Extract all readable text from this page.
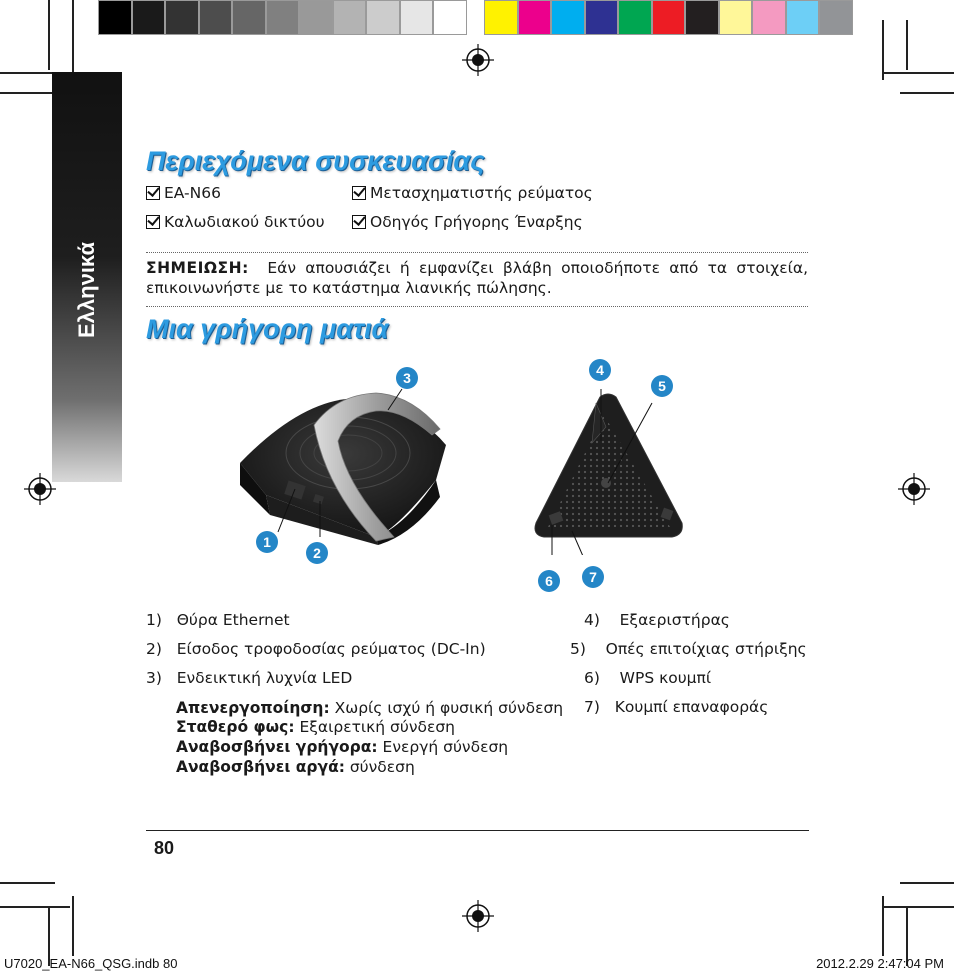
Ελληνικά
Περιεχόμενα συσκευασίας
EA-N66	Μετασχηματιστής ρεύματος
Καλωδιακού δικτύου	Οδηγός Γρήγορης Έναρξης
ΣΗΜΕΙΩΣΗ: Εάν απουσιάζει ή εμφανίζει βλάβη οποιοδήποτε από τα στοιχεία, επικοινωνήστε με το κατάστημα λιανικής πώλησης.
Μια γρήγορη ματιά
1
2
3	4
5
6	7
1) Θύρα Ethernet
2) Είσοδος τροφοδοσίας ρεύματος (DC-In)
3) Ενδεικτική λυχνία LED
Απενεργοποίηση: Χωρίς ισχύ ή φυσική σύνδεση
Σταθερό φως: Εξαιρετική σύνδεση
Αναβοσβήνει γρήγορα: Ενεργή σύνδεση
Αναβοσβήνει αργά: σύνδεση
4) Εξαεριστήρας
5) Οπές επιτοίχιας στήριξης
6) WPS κουμπί
7) Κουμπί επαναφοράς
80
U7020_EA-N66_QSG.indb 80	2012.2.29 2:47:04 PM
